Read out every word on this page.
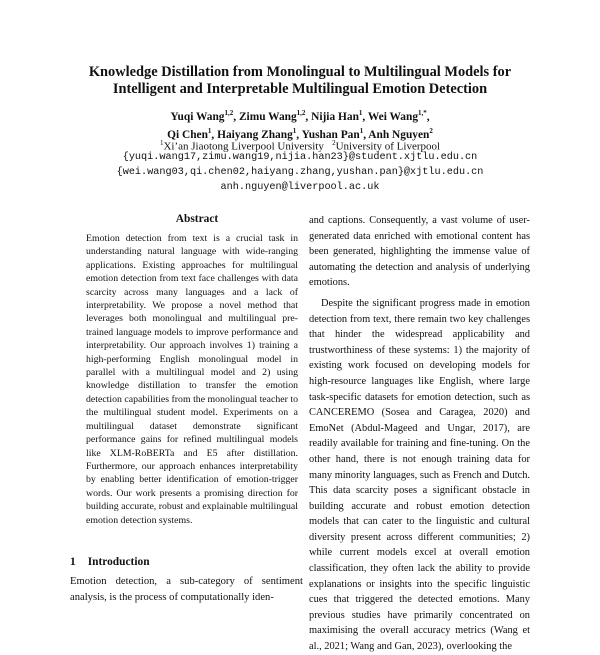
Knowledge Distillation from Monolingual to Multilingual Models for
Intelligent and Interpretable Multilingual Emotion Detection
Yuqi Wang$^{1,2}$, Zimu Wang$^{1,2}$, Nijia Han$^1$, Wei Wang$^{1,*}$,
Qi Chen$^1$, Haiyang Zhang$^1$, Yushan Pan$^1$, Anh Nguyen$^2$
$^1$Xi’an Jiaotong Liverpool University $^2$University of Liverpool
{yuqi.wang17,zimu.wang19,nijia.han23}@student.xjtlu.edu.cn
{wei.wang03,qi.chen02,haiyang.zhang,yushan.pan}@xjtlu.edu.cn
anh.nguyen@liverpool.ac.uk
Abstract
Emotion detection from text is a crucial task in understanding natural language with wide-ranging applications. Existing approaches for multilingual emotion detection from text face challenges with data scarcity across many languages and a lack of interpretability. We propose a novel method that leverages both monolingual and multilingual pre-trained language models to improve performance and interpretability. Our approach involves 1) training a high-performing English monolingual model in parallel with a multilingual model and 2) using knowledge distillation to transfer the emotion detection capabilities from the monolingual teacher to the multilingual student model. Experiments on a multilingual dataset demonstrate significant performance gains for refined multilingual models like XLM-RoBERTa and E5 after distillation. Furthermore, our approach enhances interpretability by enabling better identification of emotion-trigger words. Our work presents a promising direction for building accurate, robust and explainable multilingual emotion detection systems.
1 Introduction
Emotion detection, a sub-category of sentiment analysis, is the process of computationally iden-

and captions. Consequently, a vast volume of user-generated data enriched with emotional content has been generated, highlighting the immense value of automating the detection and analysis of underlying emotions.

Despite the significant progress made in emotion detection from text, there remain two key challenges that hinder the widespread applicability and trustworthiness of these systems: 1) the majority of existing work focused on developing models for high-resource languages like English, where large task-specific datasets for emotion detection, such as CANCEREMO (Sosea and Caragea, 2020) and EmoNet (Abdul-Mageed and Ungar, 2017), are readily available for training and fine-tuning. On the other hand, there is not enough training data for many minority languages, such as French and Dutch. This data scarcity poses a significant obstacle in building accurate and robust emotion detection models that can cater to the linguistic and cultural diversity present across different communities; 2) while current models excel at overall emotion classification, they often lack the ability to provide explanations or insights into the specific linguistic cues that triggered the detected emotions. Many previous studies have primarily concentrated on maximising the overall accuracy metrics (Wang et al., 2021; Wang and Gan, 2023), overlooking the
